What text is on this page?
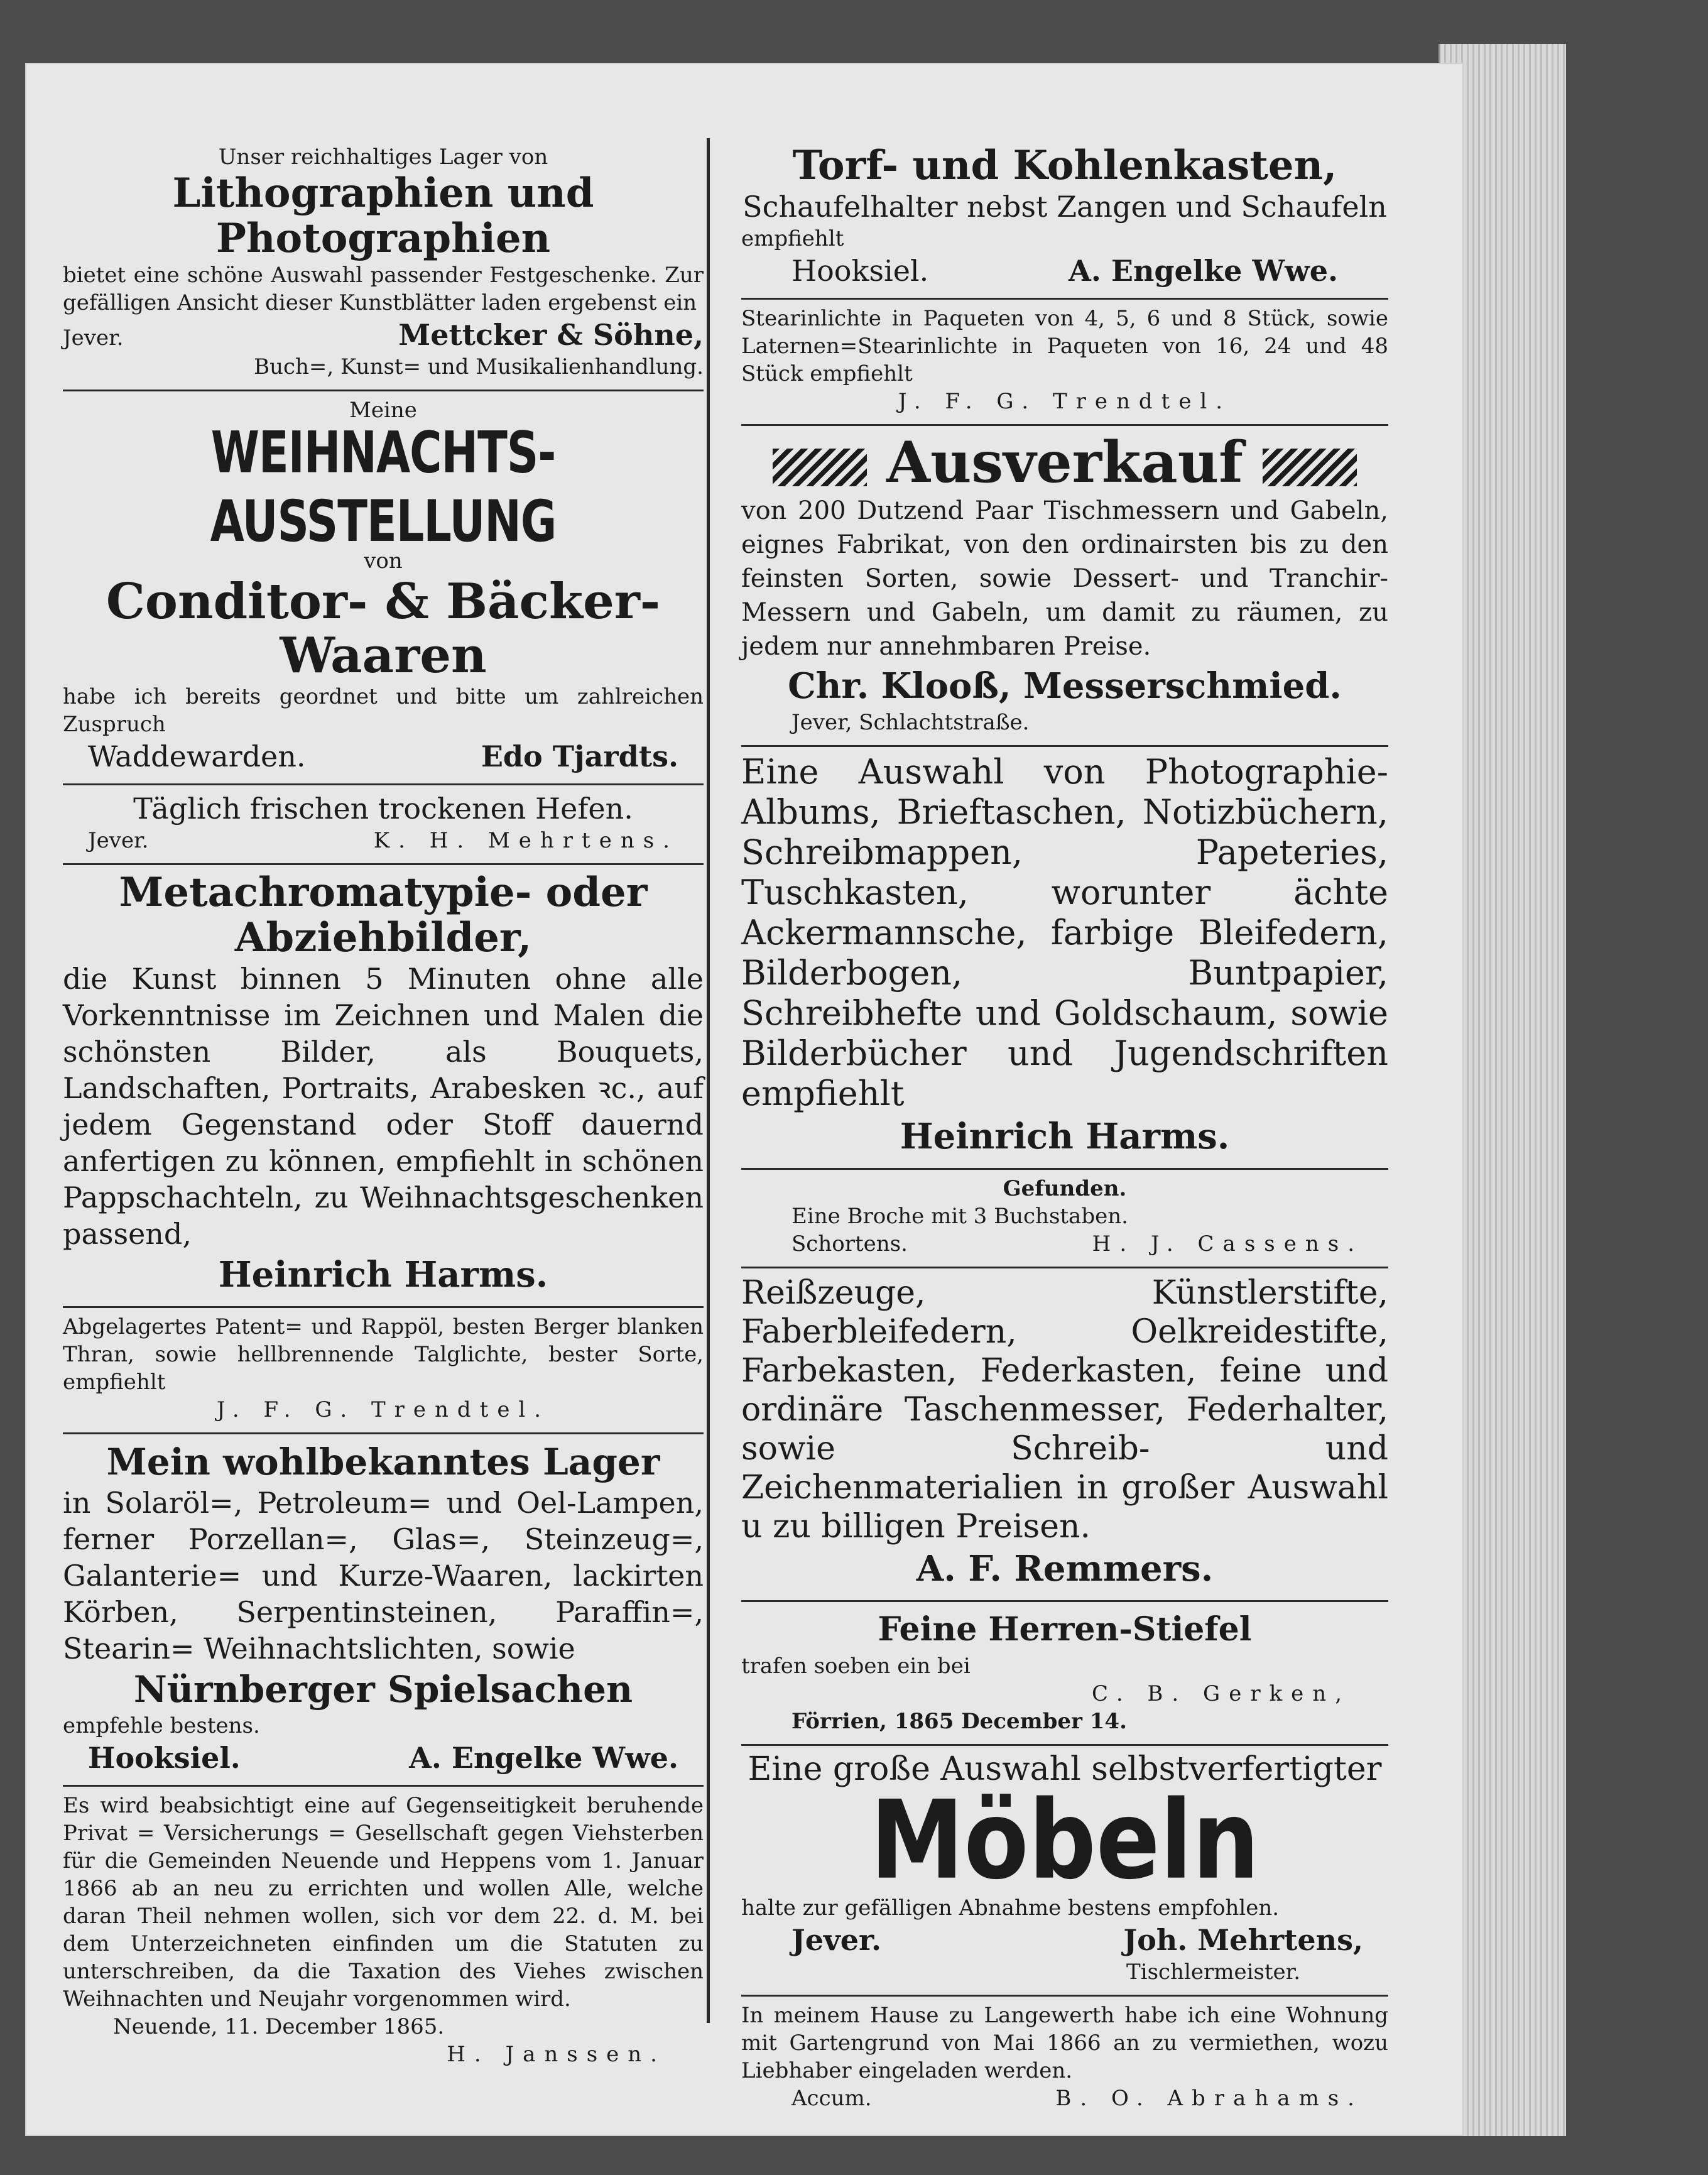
Unser reichhaltiges Lager von
Lithographien und
Photographien
bietet eine schöne Auswahl passender Festgeschenke. Zur gefälligen Ansicht dieser Kunstblätter laden ergebenst ein
Jever.	Mettcker & Söhne,
Buch=, Kunst= und Musikalienhandlung.
Meine
WEIHNACHTS-AUSSTELLUNG
von
Conditor- & Bäcker-
Waaren
habe ich bereits geordnet und bitte um zahlreichen Zuspruch
Waddewarden.	Edo Tjardts.
Täglich frischen trockenen Hefen.
Jever.	K. H. Mehrtens.
Metachromatypie- oder
Abziehbilder,
die Kunst binnen 5 Minuten ohne alle Vorkenntnisse im Zeichnen und Malen die schönsten Bilder, als Bouquets, Landschaften, Portraits, Arabesken ꝛc., auf jedem Gegenstand oder Stoff dauernd anfertigen zu können, empfiehlt in schönen Pappschachteln, zu Weihnachtsgeschenken passend,
Heinrich Harms.
Abgelagertes Patent= und Rappöl, besten Berger blanken Thran, sowie hellbrennende Talglichte, bester Sorte, empfiehlt
J. F. G. Trendtel.
Mein wohlbekanntes Lager
in Solaröl=, Petroleum= und Oel-Lampen, ferner Porzellan=, Glas=, Steinzeug=, Galanterie= und Kurze-Waaren, lackirten Körben, Serpentinsteinen, Paraffin=, Stearin= Weihnachtslichten, sowie
Nürnberger Spielsachen
empfehle bestens.
Hooksiel.	A. Engelke Wwe.
Es wird beabsichtigt eine auf Gegenseitigkeit beruhende Privat = Versicherungs = Gesellschaft gegen Viehsterben für die Gemeinden Neuende und Heppens vom 1. Januar 1866 ab an neu zu errichten und wollen Alle, welche daran Theil nehmen wollen, sich vor dem 22. d. M. bei dem Unterzeichneten einfinden um die Statuten zu unterschreiben, da die Taxation des Viehes zwischen Weihnachten und Neujahr vorgenommen wird.
Neuende, 11. December 1865.
H. Janssen.
Torf- und Kohlenkasten,
Schaufelhalter nebst Zangen und Schaufeln
empfiehlt
Hooksiel.	A. Engelke Wwe.
Stearinlichte in Paqueten von 4, 5, 6 und 8 Stück, sowie Laternen=Stearinlichte in Paqueten von 16, 24 und 48 Stück empfiehlt
J. F. G. Trendtel.
Ausverkauf
von 200 Dutzend Paar Tischmessern und Gabeln, eignes Fabrikat, von den ordinairsten bis zu den feinsten Sorten, sowie Dessert- und Tranchir-Messern und Gabeln, um damit zu räumen, zu jedem nur annehmbaren Preise.
Chr. Klooß, Messerschmied.
Jever, Schlachtstraße.
Eine Auswahl von Photographie-Albums, Brieftaschen, Notizbüchern, Schreibmappen, Papeteries, Tuschkasten, worunter ächte Ackermannsche, farbige Bleifedern, Bilderbogen, Buntpapier, Schreibhefte und Goldschaum, sowie Bilderbücher und Jugendschriften empfiehlt
Heinrich Harms.
Gefunden.
Eine Broche mit 3 Buchstaben.
Schortens.	H. J. Cassens.
Reißzeuge, Künstlerstifte, Faberbleifedern, Oelkreidestifte, Farbekasten, Federkasten, feine und ordinäre Taschenmesser, Federhalter, sowie Schreib- und Zeichenmaterialien in großer Auswahl u zu billigen Preisen.
A. F. Remmers.
Feine Herren-Stiefel
trafen soeben ein bei
C. B. Gerken,
Förrien, 1865 December 14.
Eine große Auswahl selbstverfertigter
Möbeln
halte zur gefälligen Abnahme bestens empfohlen.
Jever.	Joh. Mehrtens,
Tischlermeister.
In meinem Hause zu Langewerth habe ich eine Wohnung mit Gartengrund von Mai 1866 an zu vermiethen, wozu Liebhaber eingeladen werden.
Accum.	B. O. Abrahams.
